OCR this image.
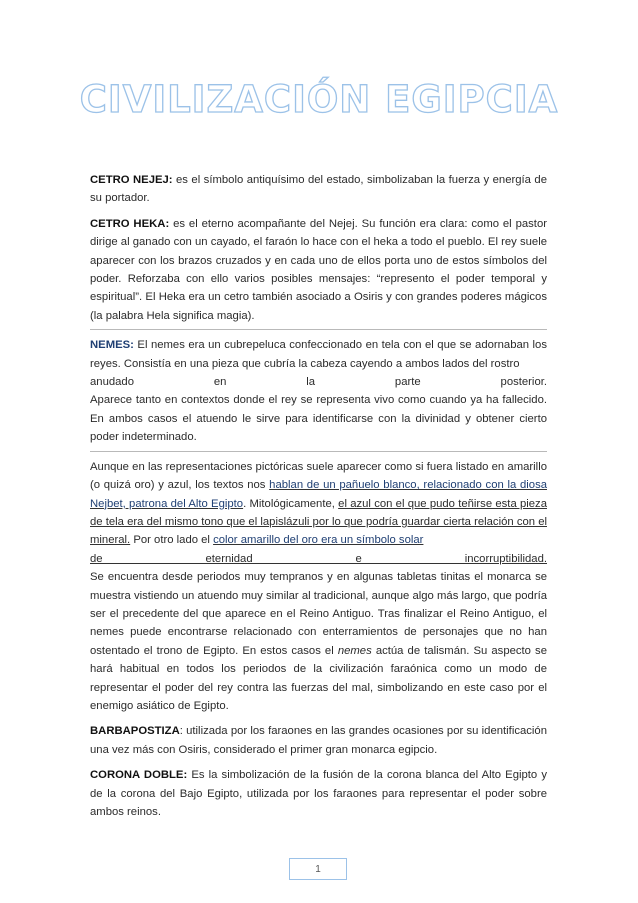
CIVILIZACIÓN EGIPCIA

CETRO NEJEJ: es el símbolo antiquísimo del estado, simbolizaban la fuerza y energía de su portador.

CETRO HEKA: es el eterno acompañante del Nejej. Su función era clara: como el pastor dirige al ganado con un cayado, el faraón lo hace con el heka a todo el pueblo. El rey suele aparecer con los brazos cruzados y en cada uno de ellos porta uno de estos símbolos del poder. Reforzaba con ello varios posibles mensajes: “represento el poder temporal y espiritual”. El Heka era un cetro también asociado a Osiris y con grandes poderes mágicos (la palabra Hela significa magia).

NEMES: El nemes era un cubrepeluca confeccionado en tela con el que se adornaban los reyes. Consistía en una pieza que cubría la cabeza cayendo a ambos lados del rostro
anudado en la parte posterior.
Aparece tanto en contextos donde el rey se representa vivo como cuando ya ha fallecido. En ambos casos el atuendo le sirve para identificarse con la divinidad y obtener cierto poder indeterminado.
Aunque en las representaciones pictóricas suele aparecer como si fuera listado en amarillo (o quizá oro) y azul, los textos nos hablan de un pañuelo blanco, relacionado con la diosa Nejbet, patrona del Alto Egipto. Mitológicamente, el azul con el que pudo teñirse esta pieza de tela era del mismo tono que el lapislázuli por lo que podría guardar cierta relación con el mineral. Por otro lado el color amarillo del oro era un símbolo solar
de eternidad e incorruptibilidad.
Se encuentra desde periodos muy tempranos y en algunas tabletas tinitas el monarca se muestra vistiendo un atuendo muy similar al tradicional, aunque algo más largo, que podría ser el precedente del que aparece en el Reino Antiguo. Tras finalizar el Reino Antiguo, el nemes puede encontrarse relacionado con enterramientos de personajes que no han ostentado el trono de Egipto. En estos casos el nemes actúa de talismán. Su aspecto se hará habitual en todos los periodos de la civilización faraónica como un modo de representar el poder del rey contra las fuerzas del mal, simbolizando en este caso por el enemigo asiático de Egipto.

BARBAPOSTIZA: utilizada por los faraones en las grandes ocasiones por su identificación una vez más con Osiris, considerado el primer gran monarca egipcio.

CORONA DOBLE: Es la simbolización de la fusión de la corona blanca del Alto Egipto y de la corona del Bajo Egipto, utilizada por los faraones para representar el poder sobre ambos reinos.

1
